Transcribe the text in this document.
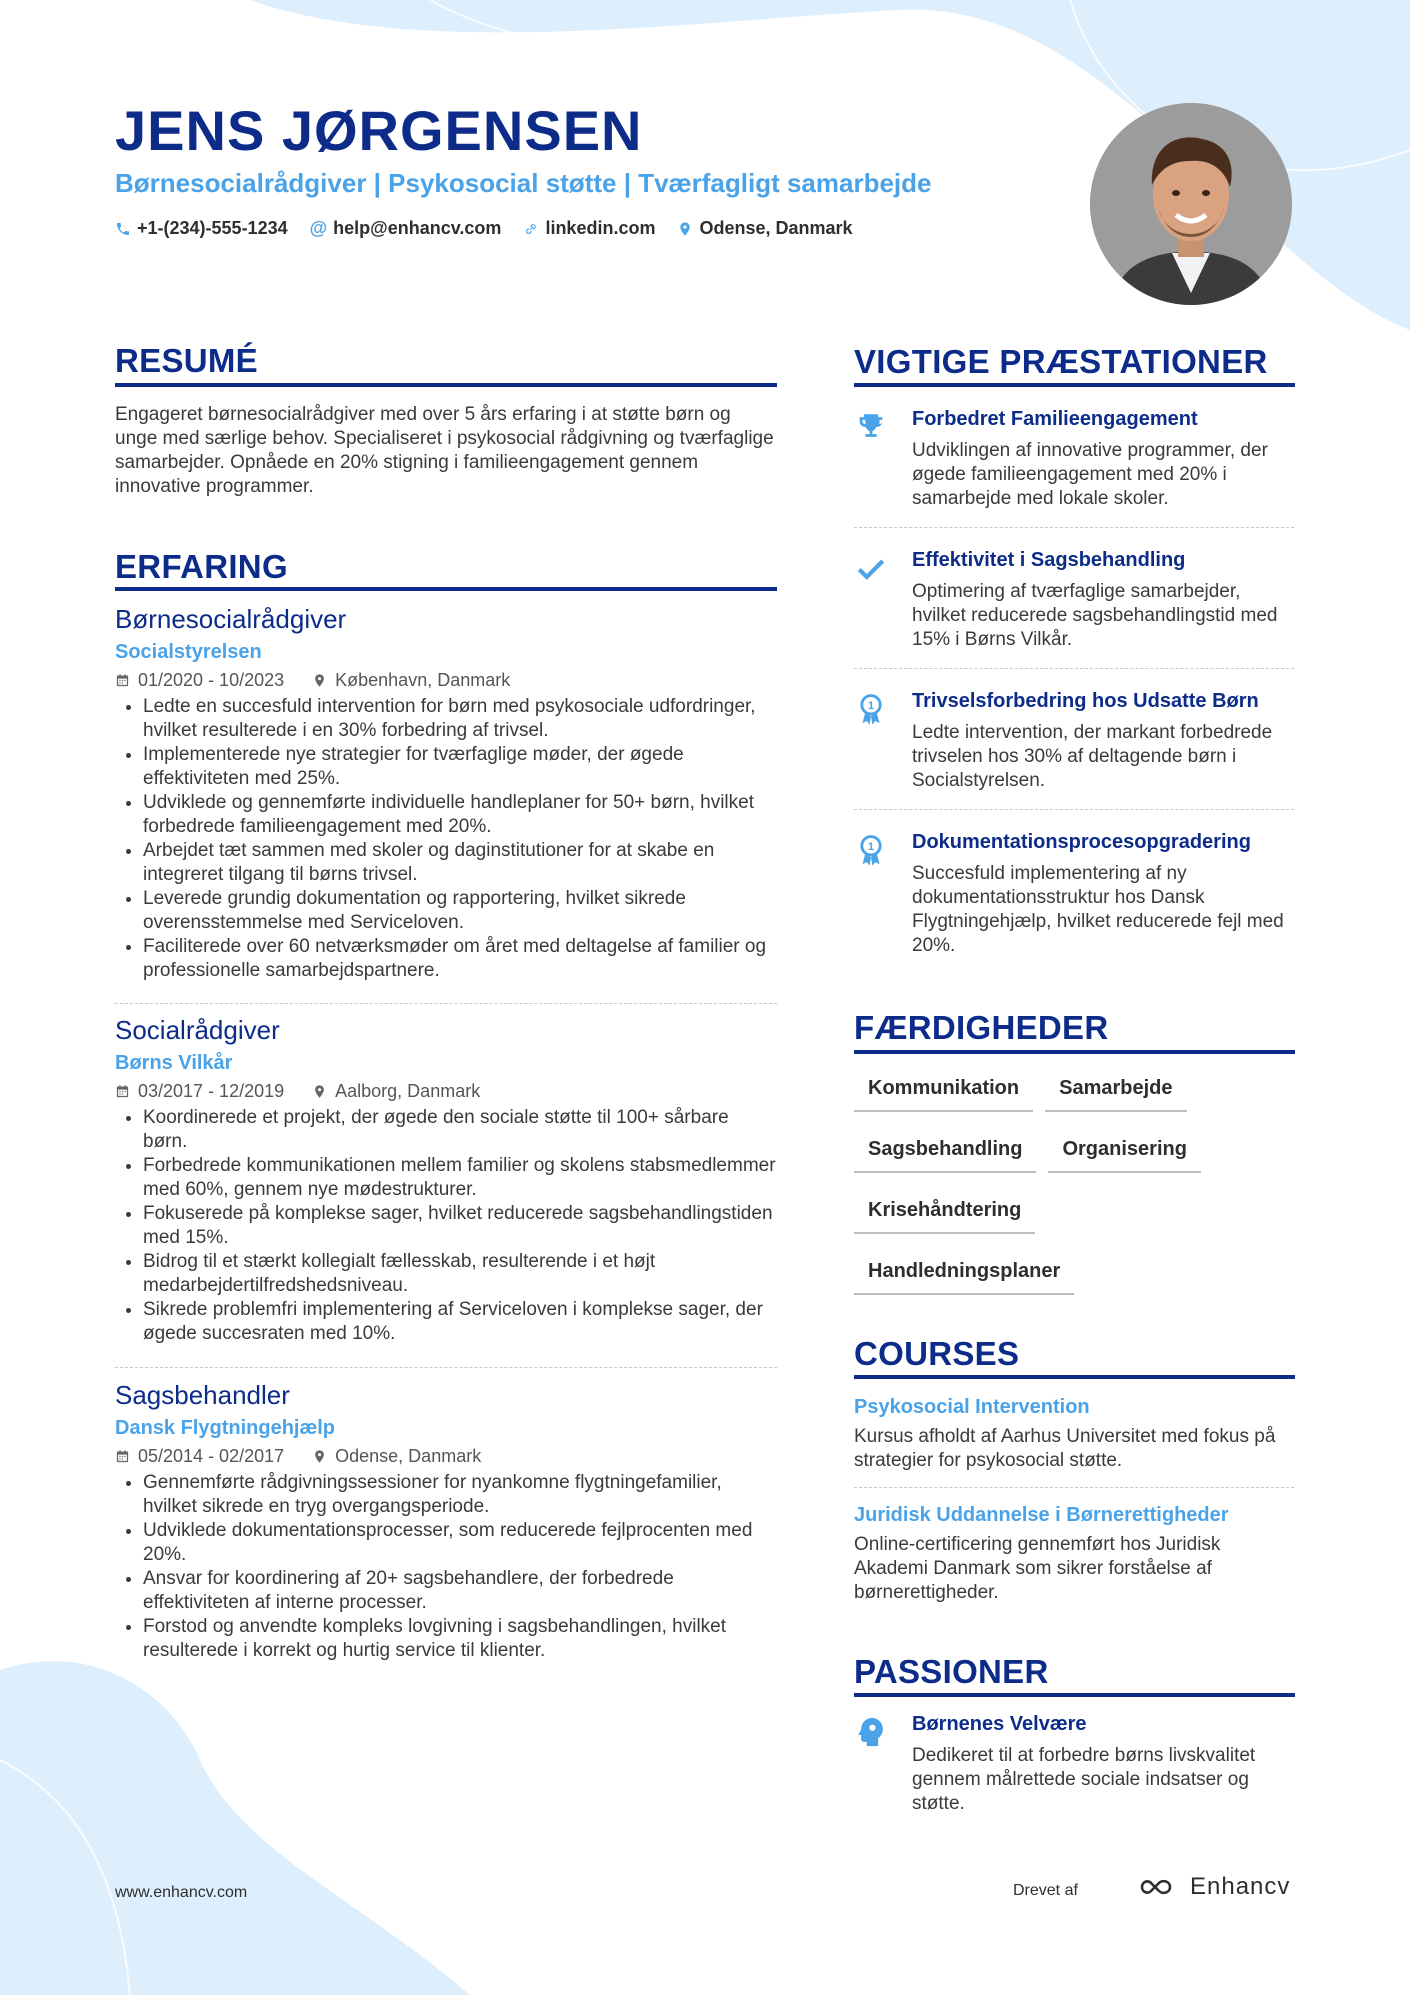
JENS JØRGENSEN
Børnesocialrådgiver | Psykosocial støtte | Tværfagligt samarbejde
+1-(234)-555-1234 @ help@enhancv.com linkedin.com Odense, Danmark
RESUMÉ

Engageret børnesocialrådgiver med over 5 års erfaring i at støtte børn og unge med særlige behov. Specialiseret i psykosocial rådgivning og tværfaglige samarbejder. Opnåede en 20% stigning i familieengagement gennem innovative programmer.

ERFARING
Børnesocialrådgiver
Socialstyrelsen
01/2020 - 10/2023	København, Danmark
• Ledte en succesfuld intervention for børn med psykosociale udfordringer, hvilket resulterede i en 30% forbedring af trivsel.
• Implementerede nye strategier for tværfaglige møder, der øgede effektiviteten med 25%.
• Udviklede og gennemførte individuelle handleplaner for 50+ børn, hvilket forbedrede familieengagement med 20%.
• Arbejdet tæt sammen med skoler og daginstitutioner for at skabe en integreret tilgang til børns trivsel.
• Leverede grundig dokumentation og rapportering, hvilket sikrede overensstemmelse med Serviceloven.
• Faciliterede over 60 netværksmøder om året med deltagelse af familier og professionelle samarbejdspartnere.
Socialrådgiver
Børns Vilkår
03/2017 - 12/2019	Aalborg, Danmark
• Koordinerede et projekt, der øgede den sociale støtte til 100+ sårbare børn.
• Forbedrede kommunikationen mellem familier og skolens stabsmedlemmer med 60%, gennem nye mødestrukturer.
• Fokuserede på komplekse sager, hvilket reducerede sagsbehandlingstiden med 15%.
• Bidrog til et stærkt kollegialt fællesskab, resulterende i et højt medarbejdertilfredshedsniveau.
• Sikrede problemfri implementering af Serviceloven i komplekse sager, der øgede succesraten med 10%.
Sagsbehandler
Dansk Flygtningehjælp
05/2014 - 02/2017	Odense, Danmark
• Gennemførte rådgivningssessioner for nyankomne flygtningefamilier, hvilket sikrede en tryg overgangsperiode.
• Udviklede dokumentationsprocesser, som reducerede fejlprocenten med 20%.
• Ansvar for koordinering af 20+ sagsbehandlere, der forbedrede effektiviteten af interne processer.
• Forstod og anvendte kompleks lovgivning i sagsbehandlingen, hvilket resulterede i korrekt og hurtig service til klienter.
VIGTIGE PRÆSTATIONER
Forbedret Familieengagement
Udviklingen af innovative programmer, der øgede familieengagement med 20% i samarbejde med lokale skoler.
Effektivitet i Sagsbehandling
Optimering af tværfaglige samarbejder, hvilket reducerede sagsbehandlingstid med 15% i Børns Vilkår.
1 Trivselsforbedring hos Udsatte Børn
Ledte intervention, der markant forbedrede trivselen hos 30% af deltagende børn i Socialstyrelsen.
1 Dokumentationsprocesopgradering
Succesfuld implementering af ny dokumentationsstruktur hos Dansk Flygtningehjælp, hvilket reducerede fejl med 20%.
FÆRDIGHEDER
Kommunikation	Samarbejde
Sagsbehandling	Organisering
Krisehåndtering
Handledningsplaner
COURSES
Psykosocial Intervention
Kursus afholdt af Aarhus Universitet med fokus på strategier for psykosocial støtte.
Juridisk Uddannelse i Børnerettigheder
Online-certificering gennemført hos Juridisk Akademi Danmark som sikrer forståelse af børnerettigheder.
PASSIONER
Børnenes Velvære
Dedikeret til at forbedre børns livskvalitet gennem målrettede sociale indsatser og støtte.
www.enhancv.com	Drevet af	Enhancv
